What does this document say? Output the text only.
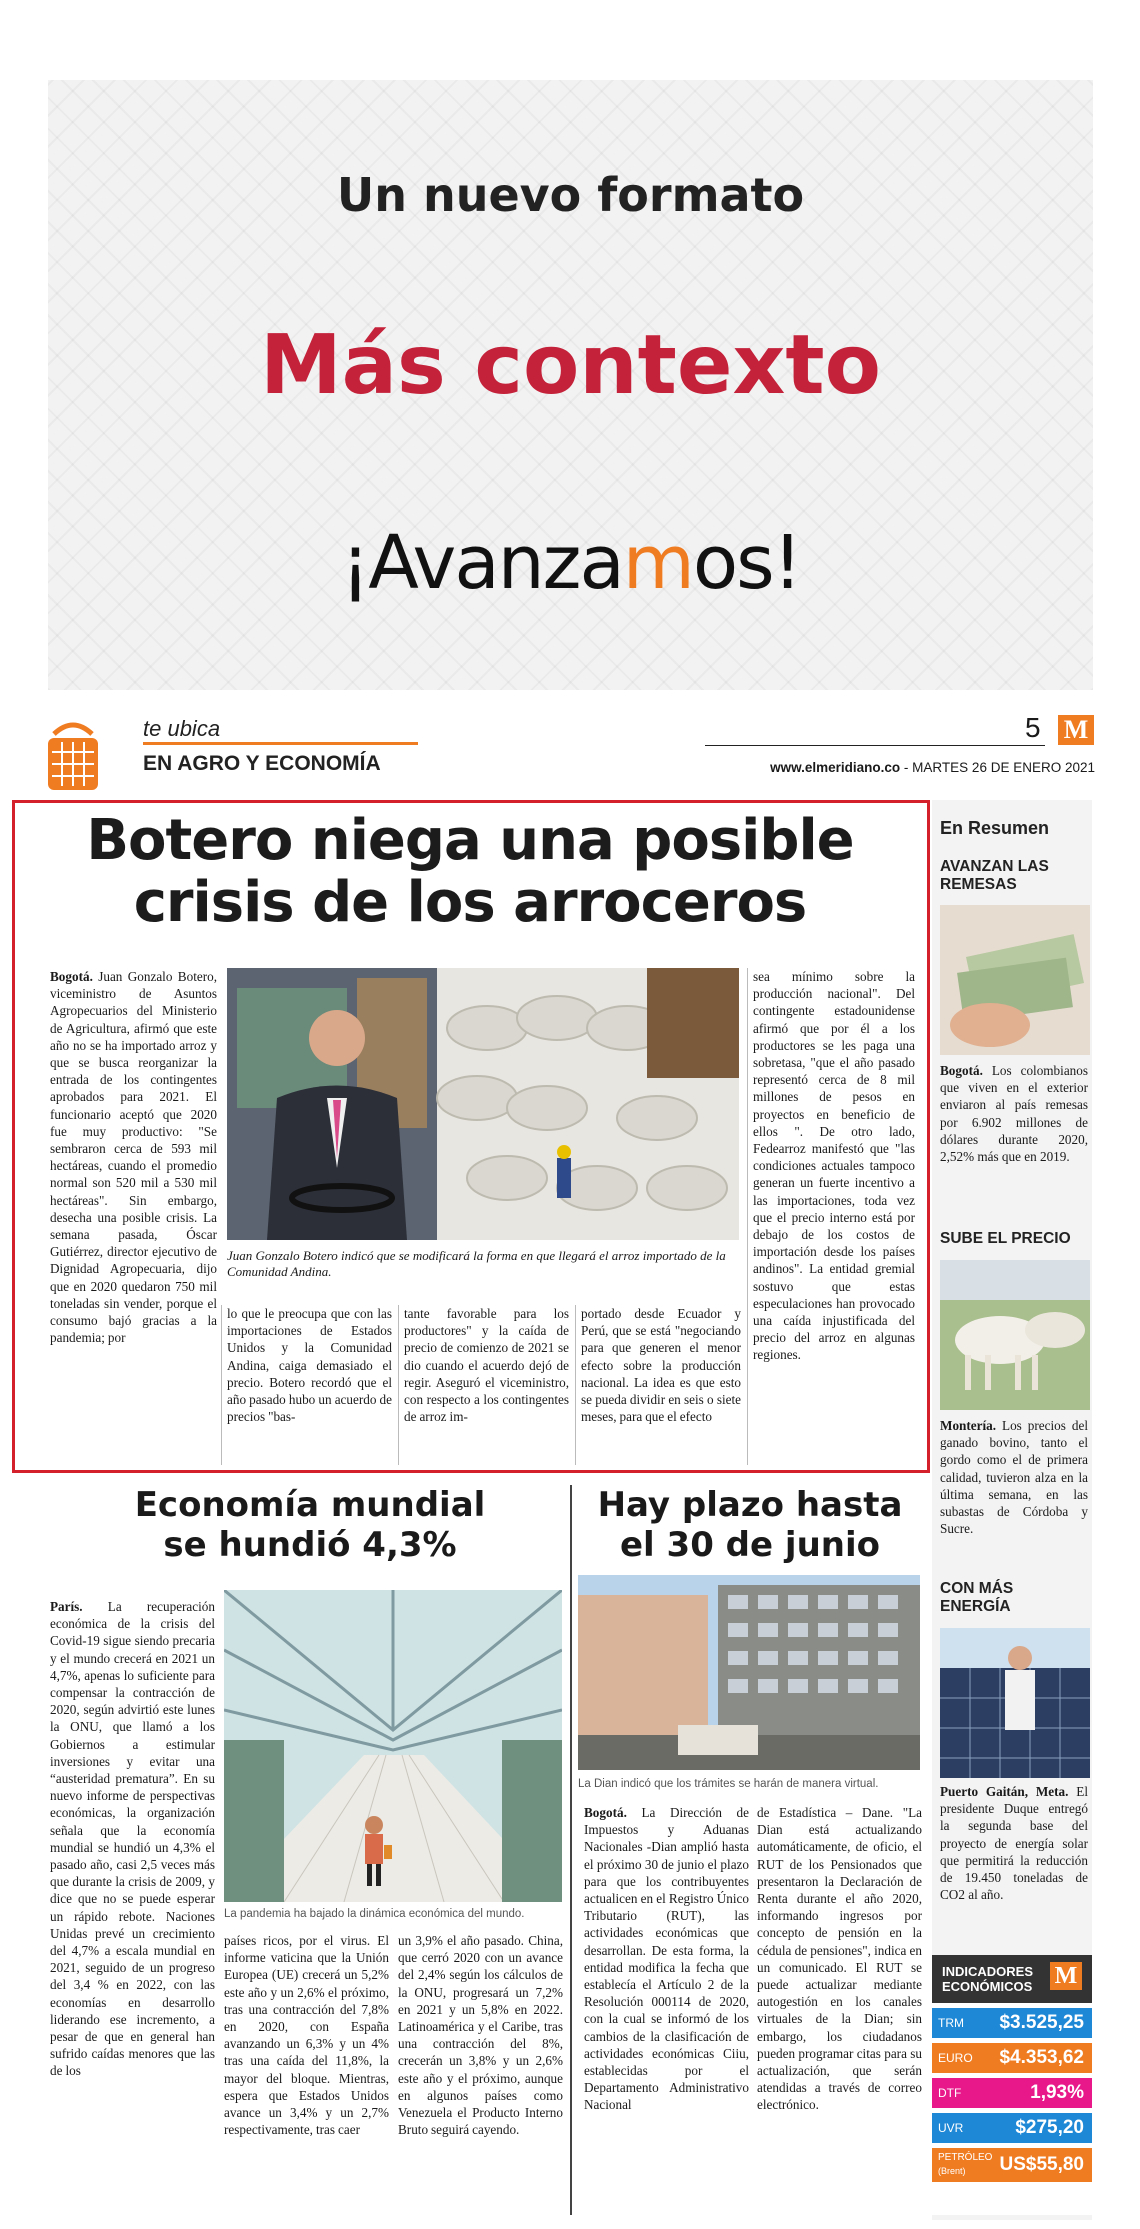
Un nuevo formato
Más contexto
¡Avanzamos!
te ubica
EN AGRO Y ECONOMÍA
5 M
www.elmeridiano.co - MARTES 26 DE ENERO 2021
Botero niega una posible
crisis de los arroceros
Juan Gonzalo Botero indicó que se modificará la forma en que llegará el arroz importado de la Comunidad Andina.

Bogotá. Juan Gonzalo Botero, viceministro de Asuntos Agropecuarios del Ministerio de Agricultura, afirmó que este año no se ha importado arroz y que se busca reorganizar la entrada de los contingentes aprobados para 2021. El funcionario aceptó que 2020 fue muy productivo: "Se sembraron cerca de 593 mil hectáreas, cuando el promedio normal son 520 mil a 530 mil hectáreas". Sin embargo, desecha una posible crisis. La semana pasada, Óscar Gutiérrez, director ejecutivo de Dignidad Agropecuaria, dijo que en 2020 quedaron 750 mil toneladas sin vender, porque el consumo bajó gracias a la pandemia; por

lo que le preocupa que con las importaciones de Estados Unidos y la Comunidad Andina, caiga demasiado el precio. Botero recordó que el año pasado hubo un acuerdo de precios "bas-

tante favorable para los productores" y la caída de precio de comienzo de 2021 se dio cuando el acuerdo dejó de regir. Aseguró el viceministro, con respecto a los contingentes de arroz im-

portado desde Ecuador y Perú, que se está "negociando para que generen el menor efecto sobre la producción nacional. La idea es que esto se pueda dividir en seis o siete meses, para que el efecto

sea mínimo sobre la producción nacional". Del contingente estadounidense afirmó que por él a los productores se les paga una sobretasa, "que el año pasado representó cerca de 8 mil millones de pesos en proyectos en beneficio de ellos ". De otro lado, Fedearroz manifestó que "las condiciones actuales tampoco generan un fuerte incentivo a las importaciones, toda vez que el precio interno está por debajo de los costos de importación desde los países andinos". La entidad gremial sostuvo que estas especulaciones han provocado una caída injustificada del precio del arroz en algunas regiones.

Economía mundial
se hundió 4,3%
La pandemia ha bajado la dinámica económica del mundo.

París. La recuperación económica de la crisis del Covid-19 sigue siendo precaria y el mundo crecerá en 2021 un 4,7%, apenas lo suficiente para compensar la contracción de 2020, según advirtió este lunes la ONU, que llamó a los Gobiernos a estimular inversiones y evitar una “austeridad prematura”. En su nuevo informe de perspectivas económicas, la organización señala que la economía mundial se hundió un 4,3% el pasado año, casi 2,5 veces más que durante la crisis de 2009, y dice que no se puede esperar un rápido rebote. Naciones Unidas prevé un crecimiento del 4,7% a escala mundial en 2021, seguido de un progreso del 3,4 % en 2022, con las economías en desarrollo liderando ese incremento, a pesar de que en general han sufrido caídas menores que las de los

países ricos, por el virus. El informe vaticina que la Unión Europea (UE) crecerá un 5,2% este año y un 2,6% el próximo, tras una contracción del 7,8% en 2020, con España avanzando un 6,3% y un 4% tras una caída del 11,8%, la mayor del bloque. Mientras, espera que Estados Unidos avance un 3,4% y un 2,7% respectivamente, tras caer

un 3,9% el año pasado. China, que cerró 2020 con un avance del 2,4% según los cálculos de la ONU, progresará un 7,2% en 2021 y un 5,8% en 2022. Latinoamérica y el Caribe, tras una contracción del 8%, crecerán un 3,8% y un 2,6% este año y el próximo, aunque en algunos países como Venezuela el Producto Interno Bruto seguirá cayendo.

Hay plazo hasta
el 30 de junio
La Dian indicó que los trámites se harán de manera virtual.

Bogotá. La Dirección de Impuestos y Aduanas Nacionales -Dian amplió hasta el próximo 30 de junio el plazo para que los contribuyentes actualicen en el Registro Único Tributario (RUT), las actividades económicas que desarrollan. De esta forma, la entidad modifica la fecha que establecía el Artículo 2 de la Resolución 000114 de 2020, con la cual se informó de los cambios de la clasificación de actividades económicas Ciiu, establecidas por el Departamento Administrativo Nacional

de Estadística – Dane. "La Dian está actualizando automáticamente, de oficio, el RUT de los Pensionados que presentaron la Declaración de Renta durante el año 2020, informando ingresos por concepto de pensión en la cédula de pensiones", indica en un comunicado. El RUT se puede actualizar mediante autogestión en los canales virtuales de la Dian; sin embargo, los ciudadanos pueden programar citas para su actualización, que serán atendidas a través de correo electrónico.

En Resumen
AVANZAN LAS REMESAS

Bogotá. Los colombianos que viven en el exterior enviaron al país remesas por 6.902 millones de dólares durante 2020, 2,52% más que en 2019.

SUBE EL PRECIO

Montería. Los precios del ganado bovino, tanto el gordo como el de primera calidad, tuvieron alza en la última semana, en las subastas de Córdoba y Sucre.

CON MÁS ENERGÍA

Puerto Gaitán, Meta. El presidente Duque entregó la segunda base del proyecto de energía solar que permitirá la reducción de 19.450 toneladas de CO2 al año.

INDICADORES
ECONÓMICOS M
TRM $3.525,25
EURO $4.353,62
DTF	1,93%
UVR	$275,20
PETRÓLEO
(Brent) US$55,80
